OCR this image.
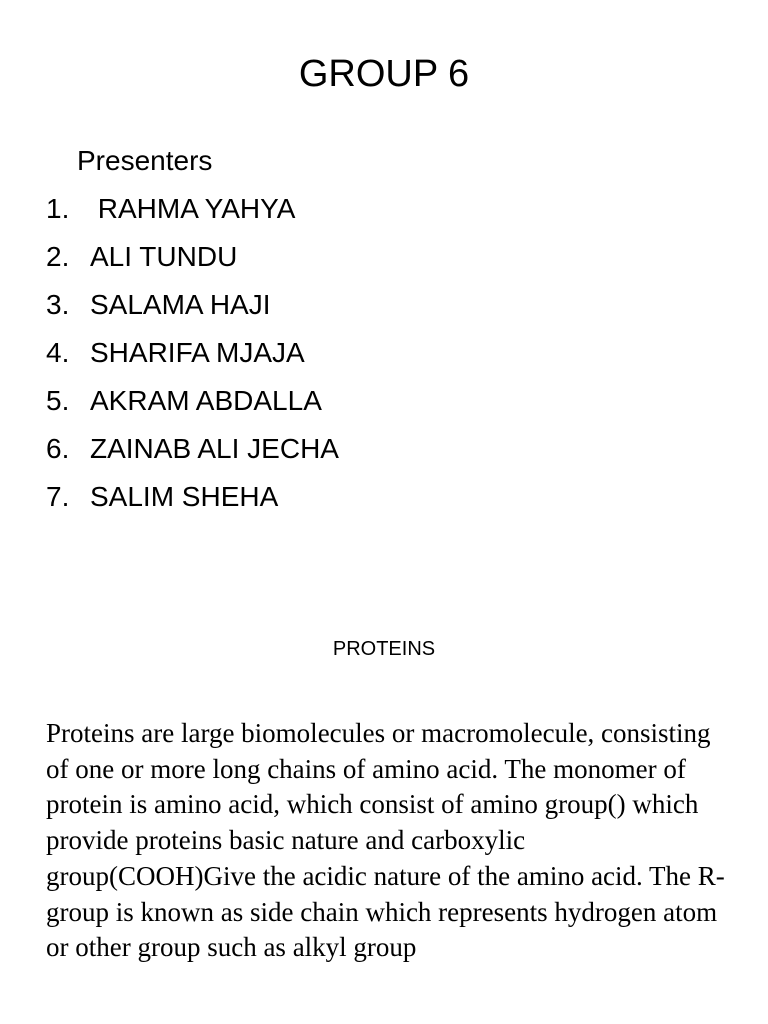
GROUP 6
Presenters
1. RAHMA YAHYA
2. ALI TUNDU
3. SALAMA HAJI
4. SHARIFA MJAJA
5. AKRAM ABDALLA
6. ZAINAB ALI JECHA
7. SALIM SHEHA
PROTEINS

Proteins are large biomolecules or macromolecule, consisting of one or more long chains of amino acid. The monomer of protein is amino acid, which consist of amino group() which provide proteins basic nature and carboxylic group(COOH)Give the acidic nature of the amino acid. The R-group is known as side chain which represents hydrogen atom or other group such as alkyl group
